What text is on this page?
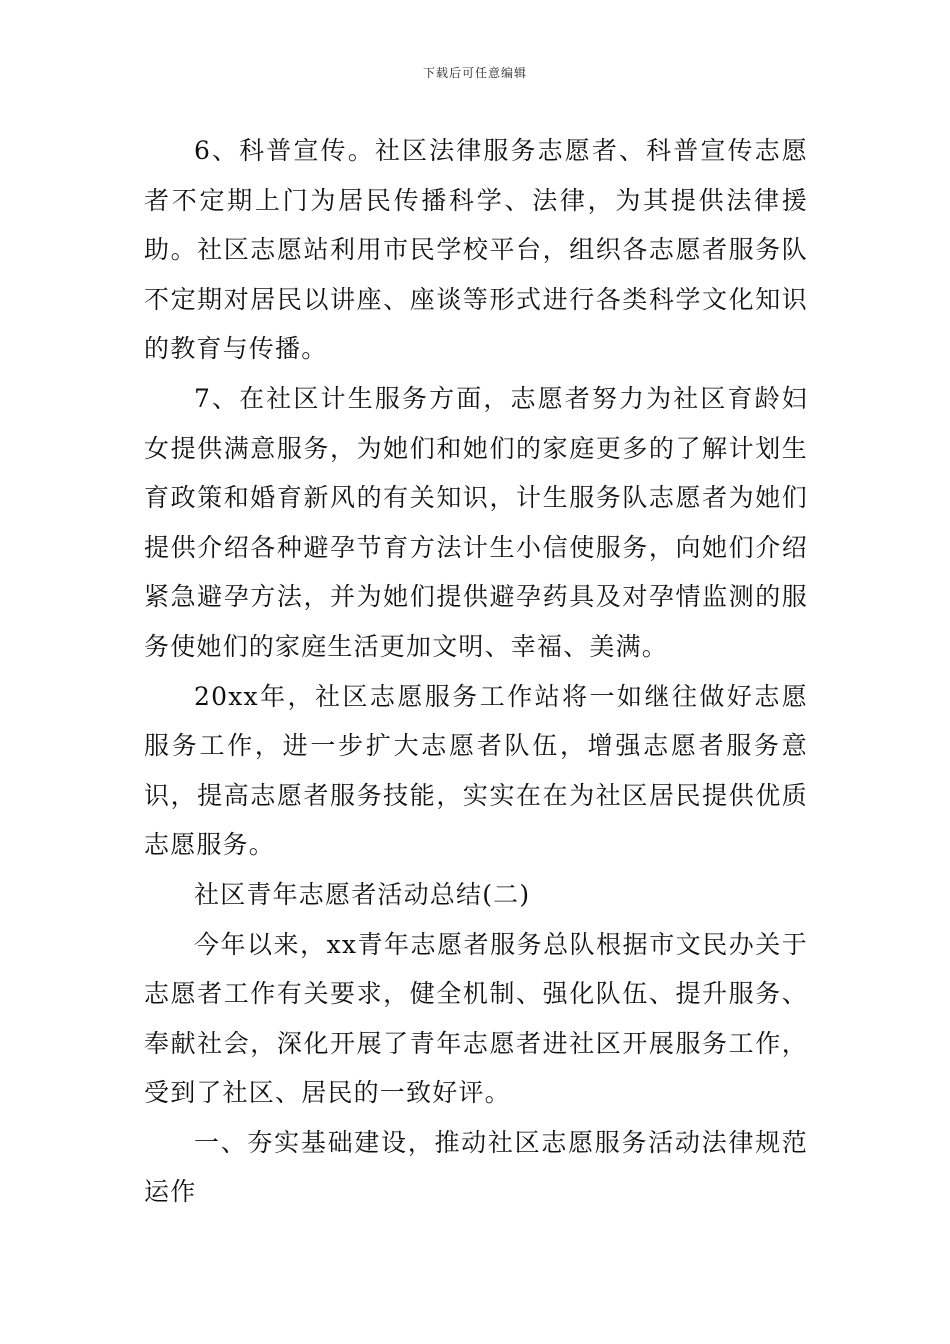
下载后可任意编辑

6、科普宣传。社区法律服务志愿者、科普宣传志愿者不定期上门为居民传播科学、法律，为其提供法律援助。社区志愿站利用市民学校平台，组织各志愿者服务队不定期对居民以讲座、座谈等形式进行各类科学文化知识的教育与传播。

7、在社区计生服务方面，志愿者努力为社区育龄妇女提供满意服务，为她们和她们的家庭更多的了解计划生育政策和婚育新风的有关知识，计生服务队志愿者为她们提供介绍各种避孕节育方法计生小信使服务，向她们介绍紧急避孕方法，并为她们提供避孕药具及对孕情监测的服务使她们的家庭生活更加文明、幸福、美满。

20xx年，社区志愿服务工作站将一如继往做好志愿服务工作，进一步扩大志愿者队伍，增强志愿者服务意识，提高志愿者服务技能，实实在在为社区居民提供优质志愿服务。

社区青年志愿者活动总结(二)

今年以来，xx青年志愿者服务总队根据市文民办关于志愿者工作有关要求，健全机制、强化队伍、提升服务、奉献社会，深化开展了青年志愿者进社区开展服务工作，受到了社区、居民的一致好评。

一、夯实基础建设，推动社区志愿服务活动法律规范运作
